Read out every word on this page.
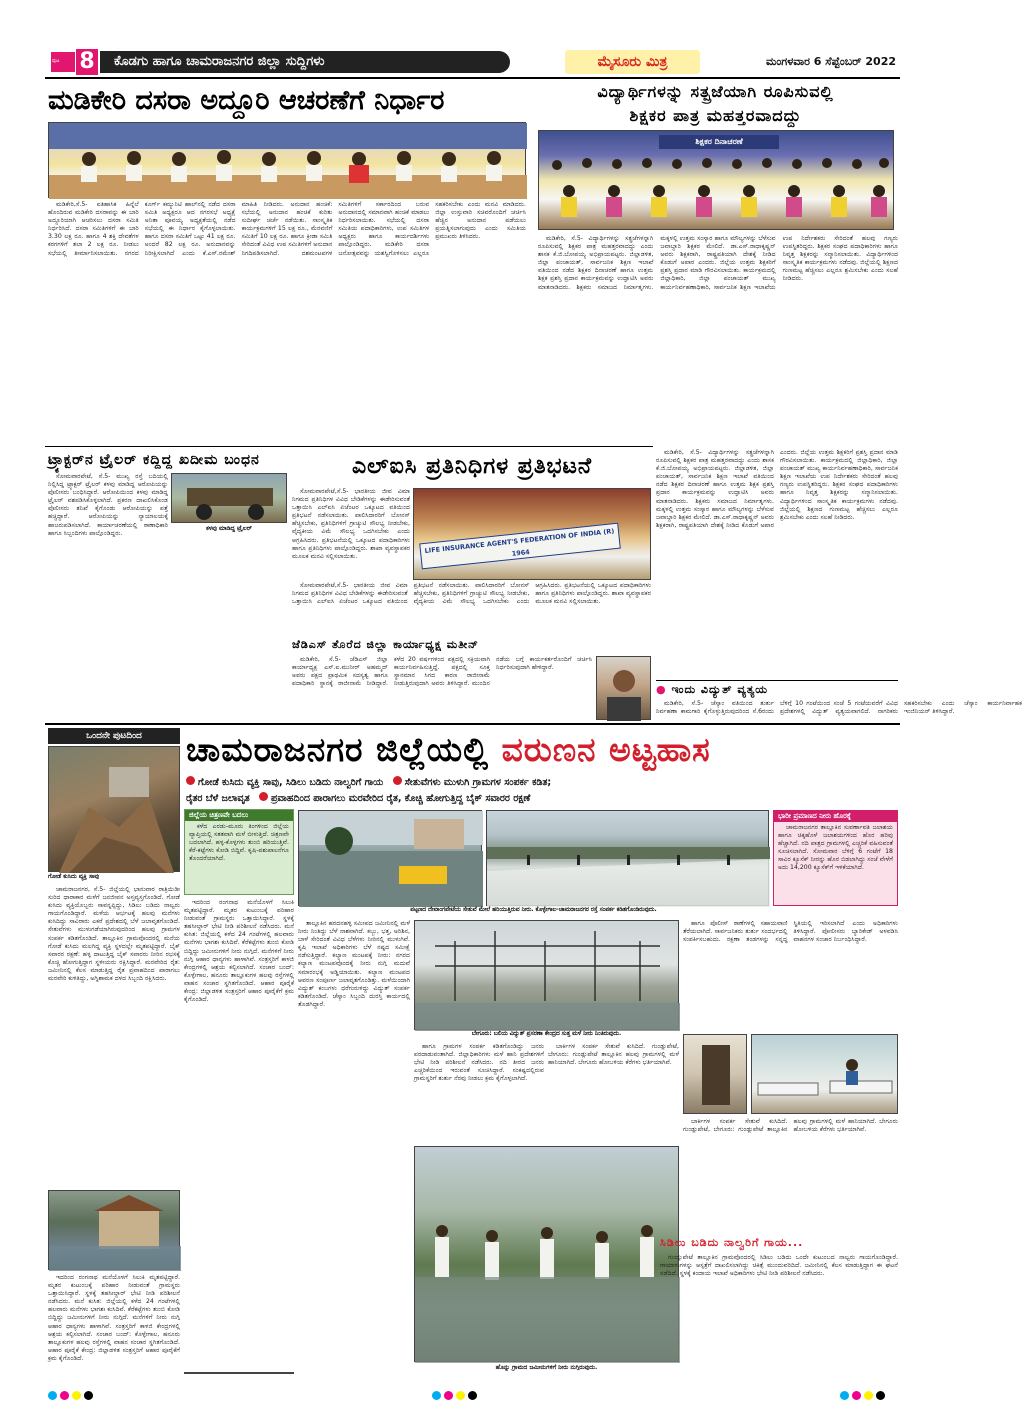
ಪುಟ 8	ಕೊಡಗು ಹಾಗೂ ಚಾಮರಾಜನಗರ ಜಿಲ್ಲಾ ಸುದ್ದಿಗಳು	ಮೈಸೂರು ಮಿತ್ರ	ಮಂಗಳವಾರ 6 ಸೆಪ್ಟೆಂಬರ್ 2022
ಮಡಿಕೇರಿ ದಸರಾ ಅದ್ದೂರಿ ಆಚರಣೆಗೆ ನಿರ್ಧಾರ

ಮಡಿಕೇರಿ,ಸೆ.5- ಐತಿಹಾಸಿಕ ಹಿನ್ನೆಲೆ ಹೊಂದಿರುವ ಮಡಿಕೇರಿ ದಸರಾವನ್ನು ಈ ಬಾರಿ ಅದ್ದೂರಿಯಾಗಿ ಆಚರಿಸಲು ದಸರಾ ಸಮಿತಿ ನಿರ್ಧರಿಸಿದೆ. ದಸರಾ ಸಮಿತಿಗಳಿಗೆ ಈ ಬಾರಿ 3.30 ಲಕ್ಷ ರೂ. ಹಾಗೂ 4 ಶಕ್ತಿ ದೇವತೆಗಳ ಕರಗಗಳಿಗೆ ತಲಾ 2 ಲಕ್ಷ ರೂ. ನೀಡಲು ಸಭೆಯಲ್ಲಿ ತೀರ್ಮಾನಿಸಲಾಯಿತು. ನಗರದ ಕೂರ್ಗ್ ಕಮ್ಯುನಿಟಿ ಹಾಲ್‌ನಲ್ಲಿ ನಡೆದ ದಸರಾ ಸಮಿತಿ ಅಧ್ಯಕ್ಷರೂ ಆದ ನಗರಸಭೆ ಅಧ್ಯಕ್ಷೆ ಅನಿತಾ ಪೂವಯ್ಯ ಅಧ್ಯಕ್ಷತೆಯಲ್ಲಿ ನಡೆದ ಸಭೆಯಲ್ಲಿ ಈ ನಿರ್ಧಾರ ಕೈಗೊಳ್ಳಲಾಯಿತು. ಹಾಗೂ ದಸರಾ ಸಮಿತಿಗೆ ಒಟ್ಟು 41 ಲಕ್ಷ ರೂ. ಅಂದರೆ 82 ಲಕ್ಷ ರೂ. ಅನುದಾನವನ್ನು ನಿರೀಕ್ಷಿಸಲಾಗಿದೆ ಎಂದು ಕೆ.ಎಸ್.ರಮೇಶ್ ಮಾಹಿತಿ ನೀಡಿದರು. ಅನುದಾನ ಹಂಚಿಕೆ: ಸಭೆಯಲ್ಲಿ ಅನುದಾನ ಹಂಚಿಕೆ ಕುರಿತು ಸುದೀರ್ಘ ಚರ್ಚೆ ನಡೆಯಿತು. ಸಾಂಸ್ಕೃತಿಕ ಕಾರ್ಯಕ್ರಮಗಳಿಗೆ 15 ಲಕ್ಷ ರೂ., ಮೆರವಣಿಗೆ ಸಮಿತಿಗೆ 10 ಲಕ್ಷ ರೂ. ಹಾಗೂ ಕ್ರೀಡಾ ಸಮಿತಿ ಸೇರಿದಂತೆ ವಿವಿಧ ಉಪ ಸಮಿತಿಗಳಿಗೆ ಅನುದಾನ ನಿಗದಿಪಡಿಸಲಾಗಿದೆ. ದಶಮಂಟಪಗಳ ಸಮಿತಿಗಳಿಗೆ ಸರ್ಕಾರದಿಂದ ಬರುವ ಅನುದಾನದಲ್ಲಿ ಸಮಾನವಾಗಿ ಹಂಚಿಕೆ ಮಾಡಲು ನಿರ್ಧರಿಸಲಾಯಿತು. ಸಭೆಯಲ್ಲಿ ದಸರಾ ಸಮಿತಿಯ ಪದಾಧಿಕಾರಿಗಳು, ಉಪ ಸಮಿತಿಗಳ ಅಧ್ಯಕ್ಷರು ಹಾಗೂ ಕಾರ್ಯದರ್ಶಿಗಳು ಪಾಲ್ಗೊಂಡಿದ್ದರು. ಮಡಿಕೇರಿ ದಸರಾ ಜನೋತ್ಸವವನ್ನು ಯಶಸ್ವಿಗೊಳಿಸಲು ಎಲ್ಲರೂ ಸಹಕರಿಸಬೇಕು ಎಂದು ಮನವಿ ಮಾಡಿದರು. ಜಿಲ್ಲಾ ಉಸ್ತುವಾರಿ ಸಚಿವರೊಂದಿಗೆ ಚರ್ಚಿಸಿ ಹೆಚ್ಚಿನ ಅನುದಾನ ಪಡೆಯಲು ಪ್ರಯತ್ನಿಸಲಾಗುವುದು ಎಂದು ಸಮಿತಿಯ ಪ್ರಮುಖರು ತಿಳಿಸಿದರು.

ವಿದ್ಯಾರ್ಥಿಗಳನ್ನು ಸತ್ಪ್ರಜೆಯಾಗಿ ರೂಪಿಸುವಲ್ಲಿ
ಶಿಕ್ಷಕರ ಪಾತ್ರ ಮಹತ್ತರವಾದದ್ದು
ಶಿಕ್ಷಕರ ದಿನಾಚರಣೆ

ಮಡಿಕೇರಿ, ಸೆ.5- ವಿದ್ಯಾರ್ಥಿಗಳನ್ನು ಸತ್ಪ್ರಜೆಗಳನ್ನಾಗಿ ರೂಪಿಸುವಲ್ಲಿ ಶಿಕ್ಷಕರ ಪಾತ್ರ ಮಹತ್ತರವಾದದ್ದು ಎಂದು ಶಾಸಕ ಕೆ.ಜಿ.ಬೋಪಯ್ಯ ಅಭಿಪ್ರಾಯಪಟ್ಟರು. ಜಿಲ್ಲಾಡಳಿತ, ಜಿಲ್ಲಾ ಪಂಚಾಯತ್, ಸಾರ್ವಜನಿಕ ಶಿಕ್ಷಣ ಇಲಾಖೆ ವತಿಯಿಂದ ನಡೆದ ಶಿಕ್ಷಕರ ದಿನಾಚರಣೆ ಹಾಗೂ ಉತ್ತಮ ಶಿಕ್ಷಕ ಪ್ರಶಸ್ತಿ ಪ್ರದಾನ ಕಾರ್ಯಕ್ರಮವನ್ನು ಉದ್ಘಾಟಿಸಿ ಅವರು ಮಾತನಾಡಿದರು. ಶಿಕ್ಷಕರು ಸಮಾಜದ ನಿರ್ಮಾತೃಗಳು. ಮಕ್ಕಳಲ್ಲಿ ಉತ್ತಮ ಸಂಸ್ಕಾರ ಹಾಗೂ ಮೌಲ್ಯಗಳನ್ನು ಬೆಳೆಸುವ ಜವಾಬ್ದಾರಿ ಶಿಕ್ಷಕರ ಮೇಲಿದೆ. ಡಾ.ಎಸ್.ರಾಧಾಕೃಷ್ಣನ್ ಅವರು ಶಿಕ್ಷಕರಾಗಿ, ರಾಷ್ಟ್ರಪತಿಯಾಗಿ ದೇಶಕ್ಕೆ ನೀಡಿದ ಕೊಡುಗೆ ಅಪಾರ ಎಂದರು. ಜಿಲ್ಲೆಯ ಉತ್ತಮ ಶಿಕ್ಷಕರಿಗೆ ಪ್ರಶಸ್ತಿ ಪ್ರದಾನ ಮಾಡಿ ಗೌರವಿಸಲಾಯಿತು. ಕಾರ್ಯಕ್ರಮದಲ್ಲಿ ಜಿಲ್ಲಾಧಿಕಾರಿ, ಜಿಲ್ಲಾ ಪಂಚಾಯತ್ ಮುಖ್ಯ ಕಾರ್ಯನಿರ್ವಹಣಾಧಿಕಾರಿ, ಸಾರ್ವಜನಿಕ ಶಿಕ್ಷಣ ಇಲಾಖೆಯ ಉಪ ನಿರ್ದೇಶಕರು ಸೇರಿದಂತೆ ಹಲವು ಗಣ್ಯರು ಉಪಸ್ಥಿತರಿದ್ದರು. ಶಿಕ್ಷಕರ ಸಂಘದ ಪದಾಧಿಕಾರಿಗಳು ಹಾಗೂ ನಿವೃತ್ತ ಶಿಕ್ಷಕರನ್ನು ಸನ್ಮಾನಿಸಲಾಯಿತು. ವಿದ್ಯಾರ್ಥಿಗಳಿಂದ ಸಾಂಸ್ಕೃತಿಕ ಕಾರ್ಯಕ್ರಮಗಳು ನಡೆದವು. ಜಿಲ್ಲೆಯಲ್ಲಿ ಶಿಕ್ಷಣದ ಗುಣಮಟ್ಟ ಹೆಚ್ಚಿಸಲು ಎಲ್ಲರೂ ಶ್ರಮಿಸಬೇಕು ಎಂದು ಸಲಹೆ ನೀಡಿದರು.

ಟ್ರ್ಯಾಕ್ಟರ್‌ನ ಟ್ರೈಲರ್ ಕದ್ದಿದ್ದ ಖದೀಮ ಬಂಧನ

ಸೋಮವಾರಪೇಟೆ, ಸೆ.5- ಮುಖ್ಯ ರಸ್ತೆ ಬದಿಯಲ್ಲಿ ನಿಲ್ಲಿಸಿದ್ದ ಟ್ರ್ಯಾಕ್ಟರ್ ಟ್ರೈಲರ್ ಕಳವು ಮಾಡಿದ್ದ ಆರೋಪಿಯನ್ನು ಪೊಲೀಸರು ಬಂಧಿಸಿದ್ದಾರೆ. ಆರೋಪಿಯಿಂದ ಕಳವು ಮಾಡಿದ್ದ ಟ್ರೈಲರ್ ವಶಪಡಿಸಿಕೊಳ್ಳಲಾಗಿದೆ. ಪ್ರಕರಣ ದಾಖಲಿಸಿಕೊಂಡ ಪೊಲೀಸರು ತನಿಖೆ ಕೈಗೊಂಡು ಆರೋಪಿಯನ್ನು ಪತ್ತೆ ಹಚ್ಚಿದ್ದಾರೆ. ಆರೋಪಿಯನ್ನು ನ್ಯಾಯಾಲಯಕ್ಕೆ ಹಾಜರುಪಡಿಸಲಾಗಿದೆ. ಕಾರ್ಯಾಚರಣೆಯಲ್ಲಿ ಠಾಣಾಧಿಕಾರಿ ಹಾಗೂ ಸಿಬ್ಬಂದಿಗಳು ಪಾಲ್ಗೊಂಡಿದ್ದರು.

ಕಳವು ಮಾಡಿದ್ದ ಟ್ರೈಲರ್
ಎಲ್‌ಐಸಿ ಪ್ರತಿನಿಧಿಗಳ ಪ್ರತಿಭಟನೆ

ಸೋಮವಾರಪೇಟೆ,ಸೆ.5- ಭಾರತೀಯ ಜೀವ ವಿಮಾ ನಿಗಮದ ಪ್ರತಿನಿಧಿಗಳ ವಿವಿಧ ಬೇಡಿಕೆಗಳನ್ನು ಈಡೇರಿಸುವಂತೆ ಒತ್ತಾಯಿಸಿ ಎಲ್‌ಐಸಿ ಏಜೆಂಟರ ಒಕ್ಕೂಟದ ವತಿಯಿಂದ ಪ್ರತಿಭಟನೆ ನಡೆಸಲಾಯಿತು. ಪಾಲಿಸಿದಾರರಿಗೆ ಬೋನಸ್ ಹೆಚ್ಚಿಸಬೇಕು, ಪ್ರತಿನಿಧಿಗಳಿಗೆ ಗ್ರಾಚ್ಯುಟಿ ಸೌಲಭ್ಯ ನೀಡಬೇಕು, ವೈದ್ಯಕೀಯ ವಿಮೆ ಸೌಲಭ್ಯ ಒದಗಿಸಬೇಕು ಎಂದು ಆಗ್ರಹಿಸಿದರು. ಪ್ರತಿಭಟನೆಯಲ್ಲಿ ಒಕ್ಕೂಟದ ಪದಾಧಿಕಾರಿಗಳು ಹಾಗೂ ಪ್ರತಿನಿಧಿಗಳು ಪಾಲ್ಗೊಂಡಿದ್ದರು. ಶಾಖಾ ವ್ಯವಸ್ಥಾಪಕರ ಮೂಲಕ ಮನವಿ ಸಲ್ಲಿಸಲಾಯಿತು.

LIFE INSURANCE AGENT'S FEDERATION OF INDIA (R) 1964

ಸೋಮವಾರಪೇಟೆ,ಸೆ.5- ಭಾರತೀಯ ಜೀವ ವಿಮಾ ನಿಗಮದ ಪ್ರತಿನಿಧಿಗಳ ವಿವಿಧ ಬೇಡಿಕೆಗಳನ್ನು ಈಡೇರಿಸುವಂತೆ ಒತ್ತಾಯಿಸಿ ಎಲ್‌ಐಸಿ ಏಜೆಂಟರ ಒಕ್ಕೂಟದ ವತಿಯಿಂದ ಪ್ರತಿಭಟನೆ ನಡೆಸಲಾಯಿತು. ಪಾಲಿಸಿದಾರರಿಗೆ ಬೋನಸ್ ಹೆಚ್ಚಿಸಬೇಕು, ಪ್ರತಿನಿಧಿಗಳಿಗೆ ಗ್ರಾಚ್ಯುಟಿ ಸೌಲಭ್ಯ ನೀಡಬೇಕು, ವೈದ್ಯಕೀಯ ವಿಮೆ ಸೌಲಭ್ಯ ಒದಗಿಸಬೇಕು ಎಂದು ಆಗ್ರಹಿಸಿದರು. ಪ್ರತಿಭಟನೆಯಲ್ಲಿ ಒಕ್ಕೂಟದ ಪದಾಧಿಕಾರಿಗಳು ಹಾಗೂ ಪ್ರತಿನಿಧಿಗಳು ಪಾಲ್ಗೊಂಡಿದ್ದರು. ಶಾಖಾ ವ್ಯವಸ್ಥಾಪಕರ ಮೂಲಕ ಮನವಿ ಸಲ್ಲಿಸಲಾಯಿತು.

ಜೆಡಿಎಸ್ ತೊರೆದ ಜಿಲ್ಲಾ ಕಾರ್ಯಾಧ್ಯಕ್ಷ ಮತೀನ್

ಮಡಿಕೇರಿ, ಸೆ.5- ಜೆಡಿಎಸ್ ಜಿಲ್ಲಾ ಕಾರ್ಯಾಧ್ಯಕ್ಷ ಎಸ್.ಐ.ಮುನೀರ್ ಅಹಮ್ಮದ್ ಅವರು ಪಕ್ಷದ ಪ್ರಾಥಮಿಕ ಸದಸ್ಯತ್ವ ಹಾಗೂ ಪದಾಧಿಕಾರಿ ಸ್ಥಾನಕ್ಕೆ ರಾಜೀನಾಮೆ ನೀಡಿದ್ದಾರೆ. ಕಳೆದ 20 ವರ್ಷಗಳಿಂದ ಪಕ್ಷದಲ್ಲಿ ಸಕ್ರಿಯವಾಗಿ ಕಾರ್ಯನಿರ್ವಹಿಸುತ್ತಿದ್ದೆ. ಪಕ್ಷದಲ್ಲಿ ಸೂಕ್ತ ಸ್ಥಾನಮಾನ ಸಿಗದ ಕಾರಣ ರಾಜೀನಾಮೆ ನೀಡುತ್ತಿರುವುದಾಗಿ ಅವರು ತಿಳಿಸಿದ್ದಾರೆ. ಮುಂದಿನ ನಡೆಯ ಬಗ್ಗೆ ಕಾರ್ಯಕರ್ತರೊಂದಿಗೆ ಚರ್ಚಿಸಿ ನಿರ್ಧರಿಸುವುದಾಗಿ ಹೇಳಿದ್ದಾರೆ.

ಮಡಿಕೇರಿ, ಸೆ.5- ವಿದ್ಯಾರ್ಥಿಗಳನ್ನು ಸತ್ಪ್ರಜೆಗಳನ್ನಾಗಿ ರೂಪಿಸುವಲ್ಲಿ ಶಿಕ್ಷಕರ ಪಾತ್ರ ಮಹತ್ತರವಾದದ್ದು ಎಂದು ಶಾಸಕ ಕೆ.ಜಿ.ಬೋಪಯ್ಯ ಅಭಿಪ್ರಾಯಪಟ್ಟರು. ಜಿಲ್ಲಾಡಳಿತ, ಜಿಲ್ಲಾ ಪಂಚಾಯತ್, ಸಾರ್ವಜನಿಕ ಶಿಕ್ಷಣ ಇಲಾಖೆ ವತಿಯಿಂದ ನಡೆದ ಶಿಕ್ಷಕರ ದಿನಾಚರಣೆ ಹಾಗೂ ಉತ್ತಮ ಶಿಕ್ಷಕ ಪ್ರಶಸ್ತಿ ಪ್ರದಾನ ಕಾರ್ಯಕ್ರಮವನ್ನು ಉದ್ಘಾಟಿಸಿ ಅವರು ಮಾತನಾಡಿದರು. ಶಿಕ್ಷಕರು ಸಮಾಜದ ನಿರ್ಮಾತೃಗಳು. ಮಕ್ಕಳಲ್ಲಿ ಉತ್ತಮ ಸಂಸ್ಕಾರ ಹಾಗೂ ಮೌಲ್ಯಗಳನ್ನು ಬೆಳೆಸುವ ಜವಾಬ್ದಾರಿ ಶಿಕ್ಷಕರ ಮೇಲಿದೆ. ಡಾ.ಎಸ್.ರಾಧಾಕೃಷ್ಣನ್ ಅವರು ಶಿಕ್ಷಕರಾಗಿ, ರಾಷ್ಟ್ರಪತಿಯಾಗಿ ದೇಶಕ್ಕೆ ನೀಡಿದ ಕೊಡುಗೆ ಅಪಾರ ಎಂದರು. ಜಿಲ್ಲೆಯ ಉತ್ತಮ ಶಿಕ್ಷಕರಿಗೆ ಪ್ರಶಸ್ತಿ ಪ್ರದಾನ ಮಾಡಿ ಗೌರವಿಸಲಾಯಿತು. ಕಾರ್ಯಕ್ರಮದಲ್ಲಿ ಜಿಲ್ಲಾಧಿಕಾರಿ, ಜಿಲ್ಲಾ ಪಂಚಾಯತ್ ಮುಖ್ಯ ಕಾರ್ಯನಿರ್ವಹಣಾಧಿಕಾರಿ, ಸಾರ್ವಜನಿಕ ಶಿಕ್ಷಣ ಇಲಾಖೆಯ ಉಪ ನಿರ್ದೇಶಕರು ಸೇರಿದಂತೆ ಹಲವು ಗಣ್ಯರು ಉಪಸ್ಥಿತರಿದ್ದರು. ಶಿಕ್ಷಕರ ಸಂಘದ ಪದಾಧಿಕಾರಿಗಳು ಹಾಗೂ ನಿವೃತ್ತ ಶಿಕ್ಷಕರನ್ನು ಸನ್ಮಾನಿಸಲಾಯಿತು. ವಿದ್ಯಾರ್ಥಿಗಳಿಂದ ಸಾಂಸ್ಕೃತಿಕ ಕಾರ್ಯಕ್ರಮಗಳು ನಡೆದವು. ಜಿಲ್ಲೆಯಲ್ಲಿ ಶಿಕ್ಷಣದ ಗುಣಮಟ್ಟ ಹೆಚ್ಚಿಸಲು ಎಲ್ಲರೂ ಶ್ರಮಿಸಬೇಕು ಎಂದು ಸಲಹೆ ನೀಡಿದರು.

● ಇಂದು ವಿದ್ಯುತ್ ವ್ಯತ್ಯಯ

ಮಡಿಕೇರಿ, ಸೆ.5- ಚೆಸ್ಕಾಂ ವತಿಯಿಂದ ತುರ್ತು ನಿರ್ವಹಣಾ ಕಾಮಗಾರಿ ಕೈಗೊಳ್ಳುತ್ತಿರುವುದರಿಂದ ಸೆ.6ರಂದು ಬೆಳಿಗ್ಗೆ 10 ಗಂಟೆಯಿಂದ ಸಂಜೆ 5 ಗಂಟೆಯವರೆಗೆ ವಿವಿಧ ಪ್ರದೇಶಗಳಲ್ಲಿ ವಿದ್ಯುತ್ ವ್ಯತ್ಯಯವಾಗಲಿದೆ. ನಾಗರಿಕರು ಸಹಕರಿಸಬೇಕು ಎಂದು ಚೆಸ್ಕಾಂ ಕಾರ್ಯನಿರ್ವಾಹಕ ಇಂಜಿನಿಯರ್ ತಿಳಿಸಿದ್ದಾರೆ.

ಒಂದನೇ ಪುಟದಿಂದ	ಚಾಮರಾಜನಗರ ಜಿಲ್ಲೆಯಲ್ಲಿ ವರುಣನ ಅಟ್ಟಹಾಸ
ಗೋಡೆ ಕುಸಿದು ವ್ಯಕ್ತಿ ಸಾವು, ಸಿಡಿಲು ಬಡಿದು ನಾಲ್ವರಿಗೆ ಗಾಯ ಸೇತುವೆಗಳು ಮುಳುಗಿ ಗ್ರಾಮಗಳ ಸಂಪರ್ಕ ಕಡಿತ;
ರೈತರ ಬೆಳೆ ಜಲಾವೃತ ಪ್ರವಾಹದಿಂದ ಪಾರಾಗಲು ಮರವೇರಿದ ರೈತ, ಕೊಚ್ಚಿ ಹೋಗುತ್ತಿದ್ದ ಬೈಕ್ ಸವಾರರ ರಕ್ಷಣೆ
ಗೋಡೆ ಕುಸಿದು ವ್ಯಕ್ತಿ ಸಾವು
ಜಿಲ್ಲೆಯ ಚಿತ್ರಣವೇ ಬದಲು

ಕಳೆದ ಎರಡು-ಮೂರು ತಿಂಗಳಿಂದ ಜಿಲ್ಲೆಯ ವ್ಯಾಪ್ತಿಯಲ್ಲಿ ಸತತವಾಗಿ ಮಳೆ ಬೀಳುತ್ತಿದೆ. ಚಿತ್ರಣವೇ ಬದಲಾಗಿದೆ. ಹಳ್ಳ-ಕೊಳ್ಳಗಳು ತುಂಬಿ ಹರಿಯುತ್ತಿವೆ. ಕೆರೆ-ಕಟ್ಟೆಗಳು ಕೋಡಿ ಬಿದ್ದಿವೆ. ಕೃಷಿ-ಪಶುಪಾಲನೆಗೂ ತೊಂದರೆಯಾಗಿದೆ.

ಪಟ್ಟಣದ ದೇವಾಂಗಪೇಟೆಯ ಸೇತುವೆ ಮೇಲೆ ಹರಿಯುತ್ತಿರುವ ನೀರು. ಕೊಳ್ಳೇಗಾಲ-ಚಾಮರಾಜನಗರ ರಸ್ತೆ ಸಂಪರ್ಕ ಕಡಿತಗೊಂಡಿರುವುದು.
ಭಾರೀ ಪ್ರಮಾಣದ ನೀರು ಹೊರಕ್ಕೆ

ಚಾಮರಾಜನಗರ ತಾಲ್ಲೂಕಿನ ಸುವರ್ಣಾವತಿ ಜಲಾಶಯ ಹಾಗೂ ಚಿಕ್ಕಹೊಳೆ ಜಲಾಶಯಗಳಿಂದ ಹೊರ ಹರಿವು ಹೆಚ್ಚಾಗಿದೆ. ನದಿ ಪಾತ್ರದ ಗ್ರಾಮಗಳಲ್ಲಿ ಎಚ್ಚರಿಕೆ ವಹಿಸುವಂತೆ ಸೂಚಿಸಲಾಗಿದೆ. ಸೋಮವಾರ ಬೆಳಿಗ್ಗೆ 6 ಗಂಟೆಗೆ 18 ಸಾವಿರ ಕ್ಯೂಸೆಕ್ ನೀರನ್ನು ಹೊರ ಬಿಡಲಾಗಿದ್ದು ಸಂಜೆ ವೇಳೆಗೆ ಅದು 14,200 ಕ್ಯೂಸೆಕ್‌ಗೆ ಇಳಿಕೆಯಾಗಿದೆ.

ಚಾಮರಾಜನಗರ, ಸೆ.5- ಜಿಲ್ಲೆಯಲ್ಲಿ ಭಾನುವಾರ ರಾತ್ರಿಯಿಡೀ ಸುರಿದ ಧಾರಾಕಾರ ಮಳೆಗೆ ಜನಜೀವನ ಅಸ್ತವ್ಯಸ್ತಗೊಂಡಿದೆ. ಗೋಡೆ ಕುಸಿದು ವ್ಯಕ್ತಿಯೊಬ್ಬರು ಸಾವನ್ನಪ್ಪಿದ್ದು, ಸಿಡಿಲು ಬಡಿದು ನಾಲ್ವರು ಗಾಯಗೊಂಡಿದ್ದಾರೆ. ಮಳೆಯ ಆರ್ಭಟಕ್ಕೆ ಹಲವು ಮನೆಗಳು ಕುಸಿದಿದ್ದು ಸಾವಿರಾರು ಎಕರೆ ಪ್ರದೇಶದಲ್ಲಿ ಬೆಳೆ ಜಲಾವೃತಗೊಂಡಿದೆ. ಸೇತುವೆಗಳು ಮುಳುಗಡೆಯಾಗಿರುವುದರಿಂದ ಹಲವು ಗ್ರಾಮಗಳ ಸಂಪರ್ಕ ಕಡಿತಗೊಂಡಿದೆ. ತಾಲ್ಲೂಕಿನ ಗ್ರಾಮವೊಂದರಲ್ಲಿ ಮನೆಯ ಗೋಡೆ ಕುಸಿದು ಮಲಗಿದ್ದ ವ್ಯಕ್ತಿ ಸ್ಥಳದಲ್ಲೇ ಮೃತಪಟ್ಟಿದ್ದಾರೆ. ಬೈಕ್ ಸವಾರರ ರಕ್ಷಣೆ: ಹಳ್ಳ ದಾಟುತ್ತಿದ್ದ ಬೈಕ್ ಸವಾರರು ನೀರಿನ ರಭಸಕ್ಕೆ ಕೊಚ್ಚಿ ಹೋಗುತ್ತಿದ್ದಾಗ ಸ್ಥಳೀಯರು ರಕ್ಷಿಸಿದ್ದಾರೆ. ಮರವೇರಿದ ರೈತ: ಜಮೀನಿನಲ್ಲಿ ಕೆಲಸ ಮಾಡುತ್ತಿದ್ದ ರೈತ ಪ್ರವಾಹದಿಂದ ಪಾರಾಗಲು ಮರವೇರಿ ಕುಳಿತಿದ್ದು, ಅಗ್ನಿಶಾಮಕ ದಳದ ಸಿಬ್ಬಂದಿ ರಕ್ಷಿಸಿದರು.

ಇದರಿಂದ ರಂಗನಾಥ ಮನೆಯೊಳಗೆ ಸಿಲುಕಿ ಮೃತಪಟ್ಟಿದ್ದಾರೆ. ಮೃತರ ಕುಟುಂಬಕ್ಕೆ ಪರಿಹಾರ ನೀಡುವಂತೆ ಗ್ರಾಮಸ್ಥರು ಒತ್ತಾಯಿಸಿದ್ದಾರೆ. ಸ್ಥಳಕ್ಕೆ ತಹಸೀಲ್ದಾರ್ ಭೇಟಿ ನೀಡಿ ಪರಿಶೀಲನೆ ನಡೆಸಿದರು. ಮನೆ ಕುಸಿತ: ಜಿಲ್ಲೆಯಲ್ಲಿ ಕಳೆದ 24 ಗಂಟೆಗಳಲ್ಲಿ ಹಲವಾರು ಮನೆಗಳು ಭಾಗಶಃ ಕುಸಿದಿವೆ. ಕೆರೆಕಟ್ಟೆಗಳು ತುಂಬಿ ಕೋಡಿ ಬಿದ್ದಿದ್ದು ಜಮೀನುಗಳಿಗೆ ನೀರು ನುಗ್ಗಿದೆ. ಮನೆಗಳಿಗೆ ನೀರು ನುಗ್ಗಿ ಆಹಾರ ಧಾನ್ಯಗಳು ಹಾಳಾಗಿವೆ. ಸಂತ್ರಸ್ತರಿಗೆ ಕಾಳಜಿ ಕೇಂದ್ರಗಳಲ್ಲಿ ಆಶ್ರಯ ಕಲ್ಪಿಸಲಾಗಿದೆ. ಸಂಚಾರ ಬಂದ್: ಕೊಳ್ಳೇಗಾಲ, ಹನೂರು ತಾಲ್ಲೂಕುಗಳ ಹಲವು ರಸ್ತೆಗಳಲ್ಲಿ ವಾಹನ ಸಂಚಾರ ಸ್ಥಗಿತಗೊಂಡಿದೆ. ಆಹಾರ ಪೂರೈಕೆ ಕೇಂದ್ರ: ಜಿಲ್ಲಾಡಳಿತ ಸಂತ್ರಸ್ತರಿಗೆ ಆಹಾರ ಪೂರೈಕೆಗೆ ಕ್ರಮ ಕೈಗೊಂಡಿದೆ.

ತಾಲ್ಲೂಕಿನ ಹರದನಹಳ್ಳಿ ಸಮೀಪದ ಜಮೀನಿನಲ್ಲಿ ಮಳೆ ನೀರು ನಿಂತಿದ್ದು ಬೆಳೆ ನಾಶವಾಗಿದೆ. ಕಬ್ಬು, ಭತ್ತ, ಅರಿಶಿನ, ಬಾಳೆ ಸೇರಿದಂತೆ ವಿವಿಧ ಬೆಳೆಗಳು ನೀರಿನಲ್ಲಿ ಮುಳುಗಿವೆ. ಕೃಷಿ ಇಲಾಖೆ ಅಧಿಕಾರಿಗಳು ಬೆಳೆ ನಷ್ಟದ ಸಮೀಕ್ಷೆ ನಡೆಸುತ್ತಿದ್ದಾರೆ. ಕಲ್ಯಾಣ ಮಂಟಪಕ್ಕೆ ನೀರು: ನಗರದ ಕಲ್ಯಾಣ ಮಂಟಪವೊಂದಕ್ಕೆ ನೀರು ನುಗ್ಗಿ ಮದುವೆ ಸಮಾರಂಭಕ್ಕೆ ಅಡ್ಡಿಯಾಯಿತು. ಕಲ್ಯಾಣ ಮಂಟಪದ ಆವರಣ ಸಂಪೂರ್ಣ ಜಲಾವೃತಗೊಂಡಿತ್ತು. ಮಳೆಯಿಂದಾಗಿ ವಿದ್ಯುತ್ ಕಂಬಗಳು ಧರೆಗುರುಳಿದ್ದು ವಿದ್ಯುತ್ ಸಂಪರ್ಕ ಕಡಿತಗೊಂಡಿದೆ. ಚೆಸ್ಕಾಂ ಸಿಬ್ಬಂದಿ ದುರಸ್ತಿ ಕಾರ್ಯದಲ್ಲಿ ತೊಡಗಿದ್ದಾರೆ.

ಬೇಗೂರು: ಬಲಿಯ ವಿದ್ಯುತ್ ಪ್ರಸರಣಾ ಕೇಂದ್ರದ ಸುತ್ತ ಮಳೆ ನೀರು ನಿಂತಿರುವುದು.

ಹಾಗೂ ಗ್ರಾಮಗಳ ಸಂಪರ್ಕ ಕಡಿತಗೊಂಡಿದ್ದು ಜನರು ಪರದಾಡುವಂತಾಗಿದೆ. ಜಿಲ್ಲಾಧಿಕಾರಿಗಳು ಮಳೆ ಹಾನಿ ಪ್ರದೇಶಗಳಿಗೆ ಭೇಟಿ ನೀಡಿ ಪರಿಶೀಲನೆ ನಡೆಸಿದರು. ನದಿ ತೀರದ ಜನರು ಎಚ್ಚರಿಕೆಯಿಂದ ಇರುವಂತೆ ಸೂಚಿಸಿದ್ದಾರೆ. ಸಂಕಷ್ಟದಲ್ಲಿರುವ ಗ್ರಾಮಸ್ಥರಿಗೆ ತುರ್ತು ನೆರವು ನೀಡಲು ಕ್ರಮ ಕೈಗೊಳ್ಳಲಾಗಿದೆ.

ಬಾರ್ಕಿಗಳ ಸಂಪರ್ಕ ಸೇತುವೆ ಕುಸಿದಿದೆ. ಗುಂಡ್ಲುಪೇಟೆ, ಬೇಗೂರು: ಗುಂಡ್ಲುಪೇಟೆ ತಾಲ್ಲೂಕಿನ ಹಲವು ಗ್ರಾಮಗಳಲ್ಲಿ ಮಳೆ ಹಾನಿಯಾಗಿದೆ. ಬೇಗೂರು ಹೋಬಳಿಯ ಕೆರೆಗಳು ಭರ್ತಿಯಾಗಿವೆ.

ಹೊನ್ನು ಗ್ರಾಮದ ಜಮೀನುಗಳಿಗೆ ನೀರು ನುಗ್ಗಿರುವುದು.

ಹಾಗೂ ಪೊಲೀಸ್ ಠಾಣೆಗಳಲ್ಲಿ ಸಹಾಯವಾಣಿ ತೆರೆಯಲಾಗಿದೆ. ಸಾರ್ವಜನಿಕರು ತುರ್ತು ಸಂದರ್ಭದಲ್ಲಿ ಸಂಪರ್ಕಿಸಬಹುದು. ರಕ್ಷಣಾ ತಂಡಗಳನ್ನು ಸನ್ನದ್ಧ ಸ್ಥಿತಿಯಲ್ಲಿ ಇರಿಸಲಾಗಿದೆ ಎಂದು ಅಧಿಕಾರಿಗಳು ತಿಳಿಸಿದ್ದಾರೆ. ಪೋಲೀಸರು ಬ್ಯಾರಿಕೇಡ್ ಅಳವಡಿಸಿ ವಾಹನಗಳ ಸಂಚಾರ ನಿರ್ಬಂಧಿಸಿದ್ದಾರೆ.

ಸಿಡಿಲು ಬಡಿದು ನಾಲ್ವರಿಗೆ ಗಾಯ...

ಗುಂಡ್ಲುಪೇಟೆ ತಾಲ್ಲೂಕಿನ ಗ್ರಾಮವೊಂದರಲ್ಲಿ ಸಿಡಿಲು ಬಡಿದು ಒಂದೇ ಕುಟುಂಬದ ನಾಲ್ವರು ಗಾಯಗೊಂಡಿದ್ದಾರೆ. ಗಾಯಾಳುಗಳನ್ನು ಆಸ್ಪತ್ರೆಗೆ ದಾಖಲಿಸಲಾಗಿದ್ದು ಚಿಕಿತ್ಸೆ ಮುಂದುವರಿದಿದೆ. ಜಮೀನಿನಲ್ಲಿ ಕೆಲಸ ಮಾಡುತ್ತಿದ್ದಾಗ ಈ ಘಟನೆ ನಡೆದಿದೆ. ಸ್ಥಳಕ್ಕೆ ಕಂದಾಯ ಇಲಾಖೆ ಅಧಿಕಾರಿಗಳು ಭೇಟಿ ನೀಡಿ ಪರಿಶೀಲನೆ ನಡೆಸಿದರು.

ಬಾರ್ಕಿಗಳ ಸಂಪರ್ಕ ಸೇತುವೆ ಕುಸಿದಿದೆ. ಗುಂಡ್ಲುಪೇಟೆ, ಬೇಗೂರು: ಗುಂಡ್ಲುಪೇಟೆ ತಾಲ್ಲೂಕಿನ ಹಲವು ಗ್ರಾಮಗಳಲ್ಲಿ ಮಳೆ ಹಾನಿಯಾಗಿದೆ. ಬೇಗೂರು ಹೋಬಳಿಯ ಕೆರೆಗಳು ಭರ್ತಿಯಾಗಿವೆ.

ಇದರಿಂದ ರಂಗನಾಥ ಮನೆಯೊಳಗೆ ಸಿಲುಕಿ ಮೃತಪಟ್ಟಿದ್ದಾರೆ. ಮೃತರ ಕುಟುಂಬಕ್ಕೆ ಪರಿಹಾರ ನೀಡುವಂತೆ ಗ್ರಾಮಸ್ಥರು ಒತ್ತಾಯಿಸಿದ್ದಾರೆ. ಸ್ಥಳಕ್ಕೆ ತಹಸೀಲ್ದಾರ್ ಭೇಟಿ ನೀಡಿ ಪರಿಶೀಲನೆ ನಡೆಸಿದರು. ಮನೆ ಕುಸಿತ: ಜಿಲ್ಲೆಯಲ್ಲಿ ಕಳೆದ 24 ಗಂಟೆಗಳಲ್ಲಿ ಹಲವಾರು ಮನೆಗಳು ಭಾಗಶಃ ಕುಸಿದಿವೆ. ಕೆರೆಕಟ್ಟೆಗಳು ತುಂಬಿ ಕೋಡಿ ಬಿದ್ದಿದ್ದು ಜಮೀನುಗಳಿಗೆ ನೀರು ನುಗ್ಗಿದೆ. ಮನೆಗಳಿಗೆ ನೀರು ನುಗ್ಗಿ ಆಹಾರ ಧಾನ್ಯಗಳು ಹಾಳಾಗಿವೆ. ಸಂತ್ರಸ್ತರಿಗೆ ಕಾಳಜಿ ಕೇಂದ್ರಗಳಲ್ಲಿ ಆಶ್ರಯ ಕಲ್ಪಿಸಲಾಗಿದೆ. ಸಂಚಾರ ಬಂದ್: ಕೊಳ್ಳೇಗಾಲ, ಹನೂರು ತಾಲ್ಲೂಕುಗಳ ಹಲವು ರಸ್ತೆಗಳಲ್ಲಿ ವಾಹನ ಸಂಚಾರ ಸ್ಥಗಿತಗೊಂಡಿದೆ. ಆಹಾರ ಪೂರೈಕೆ ಕೇಂದ್ರ: ಜಿಲ್ಲಾಡಳಿತ ಸಂತ್ರಸ್ತರಿಗೆ ಆಹಾರ ಪೂರೈಕೆಗೆ ಕ್ರಮ ಕೈಗೊಂಡಿದೆ.
